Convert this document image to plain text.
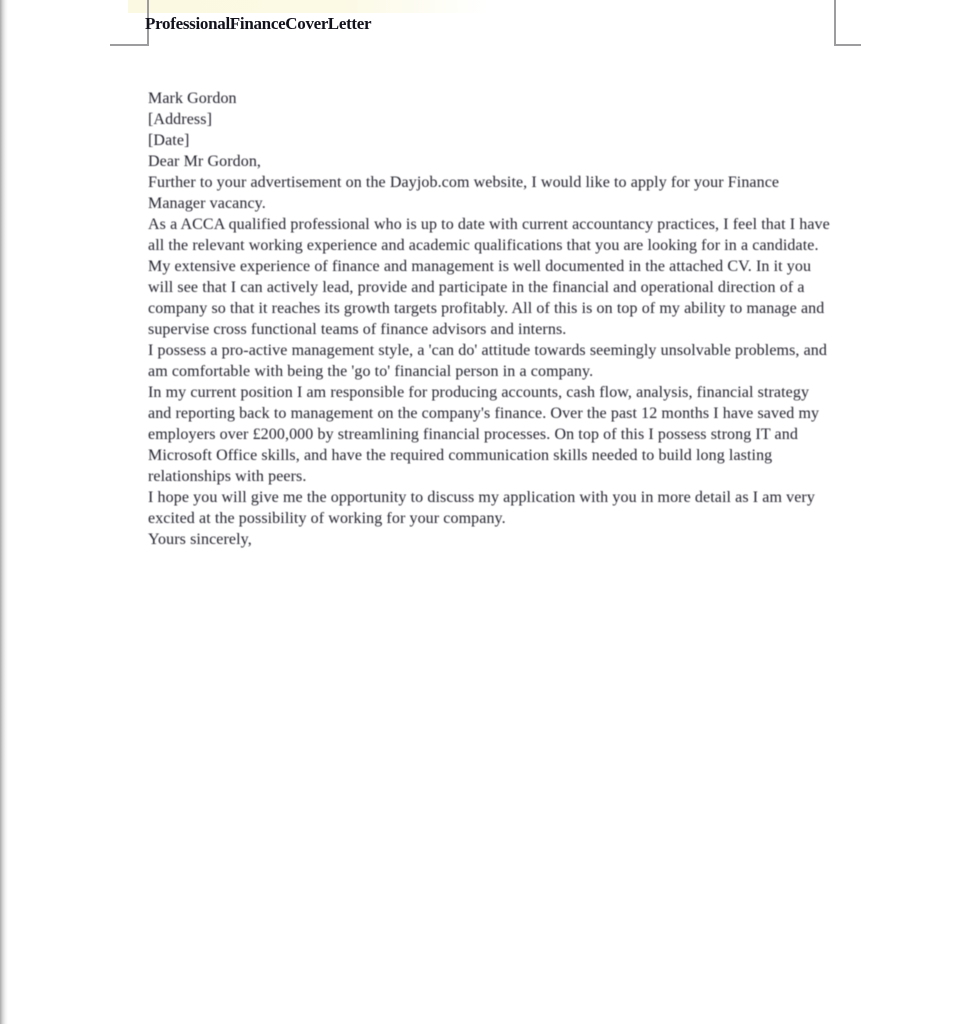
Professional Finance Cover Letter

Mark Gordon

[Address]

[Date]

Dear Mr Gordon,

Further to your advertisement on the Dayjob.com website, I would like to apply for your Finance Manager vacancy.

As a ACCA qualified professional who is up to date with current accountancy practices, I feel that I have all the relevant working experience and academic qualifications that you are looking for in a candidate.

My extensive experience of finance and management is well documented in the attached CV. In it you will see that I can actively lead, provide and participate in the financial and operational direction of a company so that it reaches its growth targets profitably. All of this is on top of my ability to manage and supervise cross functional teams of finance advisors and interns.

I possess a pro-active management style, a 'can do' attitude towards seemingly unsolvable problems, and am comfortable with being the 'go to' financial person in a company.

In my current position I am responsible for producing accounts, cash flow, analysis, financial strategy and reporting back to management on the company's finance. Over the past 12 months I have saved my employers over £200,000 by streamlining financial processes. On top of this I possess strong IT and Microsoft Office skills, and have the required communication skills needed to build long lasting relationships with peers.

I hope you will give me the opportunity to discuss my application with you in more detail as I am very excited at the possibility of working for your company.

Yours sincerely,
